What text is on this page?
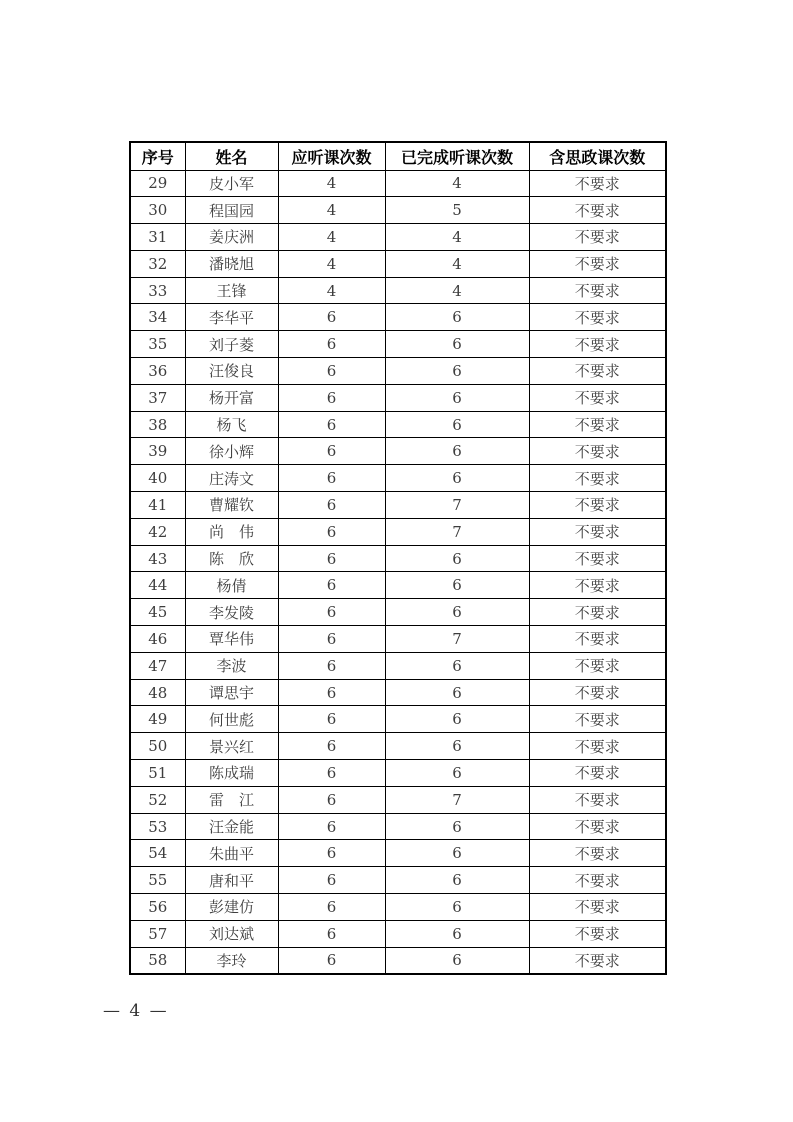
序号	姓名	应听课次数	已完成听课次数	含思政课次数
29	皮小军	4	4	不要求
30	程国园	4	5	不要求
31	姜庆洲	4	4	不要求
32	潘晓旭	4	4	不要求
33	王锋	4	4	不要求
34	李华平	6	6	不要求
35	刘子菱	6	6	不要求
36	汪俊良	6	6	不要求
37	杨开富	6	6	不要求
38	杨飞	6	6	不要求
39	徐小辉	6	6	不要求
40	庄涛文	6	6	不要求
41	曹耀钦	6	7	不要求
42	尚　伟	6	7	不要求
43	陈　欣	6	6	不要求
44	杨倩	6	6	不要求
45	李发陵	6	6	不要求
46	覃华伟	6	7	不要求
47	李波	6	6	不要求
48	谭思宇	6	6	不要求
49	何世彪	6	6	不要求
50	景兴红	6	6	不要求
51	陈成瑞	6	6	不要求
52	雷　江	6	7	不要求
53	汪金能	6	6	不要求
54	朱曲平	6	6	不要求
55	唐和平	6	6	不要求
56	彭建仿	6	6	不要求
57	刘达斌	6	6	不要求
58	李玲	6	6	不要求
— 4 —
